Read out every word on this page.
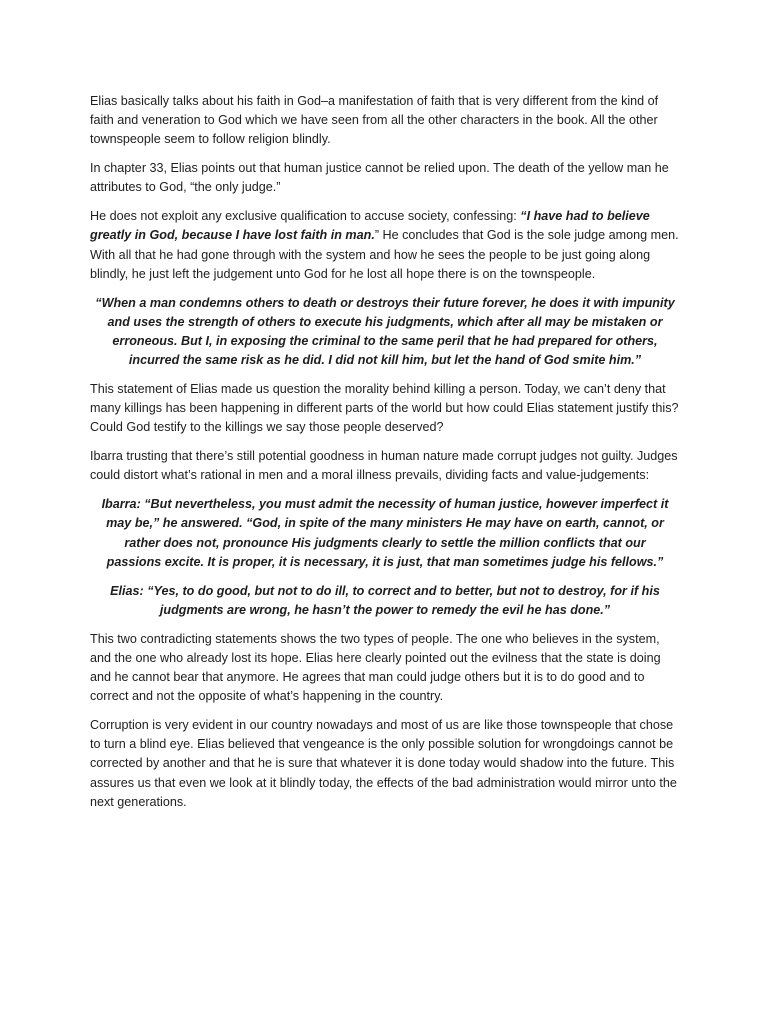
Elias basically talks about his faith in God–a manifestation of faith that is very different from the kind of faith and veneration to God which we have seen from all the other characters in the book. All the other townspeople seem to follow religion blindly.

In chapter 33, Elias points out that human justice cannot be relied upon. The death of the yellow man he attributes to God, “the only judge.”

He does not exploit any exclusive qualification to accuse society, confessing: “I have had to believe greatly in God, because I have lost faith in man.” He concludes that God is the sole judge among men. With all that he had gone through with the system and how he sees the people to be just going along blindly, he just left the judgement unto God for he lost all hope there is on the townspeople.

“When a man condemns others to death or destroys their future forever, he does it with impunity and uses the strength of others to execute his judgments, which after all may be mistaken or erroneous. But I, in exposing the criminal to the same peril that he had prepared for others, incurred the same risk as he did. I did not kill him, but let the hand of God smite him.”

This statement of Elias made us question the morality behind killing a person. Today, we can’t deny that many killings has been happening in different parts of the world but how could Elias statement justify this? Could God testify to the killings we say those people deserved?

Ibarra trusting that there’s still potential goodness in human nature made corrupt judges not guilty. Judges could distort what’s rational in men and a moral illness prevails, dividing facts and value-judgements:

Ibarra: “But nevertheless, you must admit the necessity of human justice, however imperfect it may be,” he answered. “God, in spite of the many ministers He may have on earth, cannot, or rather does not, pronounce His judgments clearly to settle the million conflicts that our passions excite. It is proper, it is necessary, it is just, that man sometimes judge his fellows.”

Elias: “Yes, to do good, but not to do ill, to correct and to better, but not to destroy, for if his judgments are wrong, he hasn’t the power to remedy the evil he has done.”

This two contradicting statements shows the two types of people. The one who believes in the system, and the one who already lost its hope. Elias here clearly pointed out the evilness that the state is doing and he cannot bear that anymore. He agrees that man could judge others but it is to do good and to correct and not the opposite of what’s happening in the country.

Corruption is very evident in our country nowadays and most of us are like those townspeople that chose to turn a blind eye. Elias believed that vengeance is the only possible solution for wrongdoings cannot be corrected by another and that he is sure that whatever it is done today would shadow into the future. This assures us that even we look at it blindly today, the effects of the bad administration would mirror unto the next generations.
